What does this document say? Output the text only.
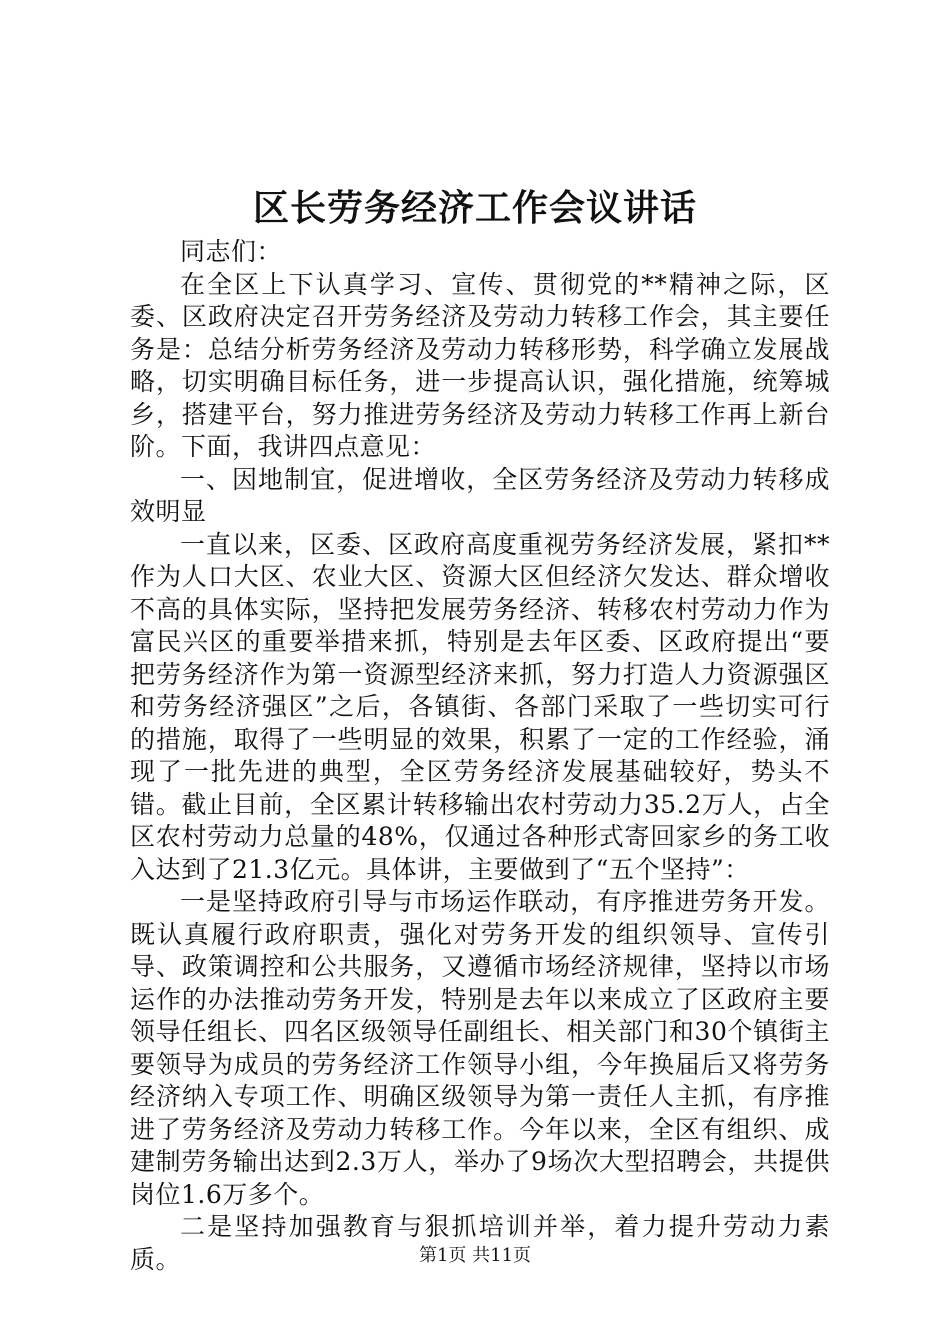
区长劳务经济工作会议讲话

同志们：

在全区上下认真学习、宣传、贯彻党的**精神之际，区委、区政府决定召开劳务经济及劳动力转移工作会，其主要任务是：总结分析劳务经济及劳动力转移形势，科学确立发展战略，切实明确目标任务，进一步提高认识，强化措施，统筹城乡，搭建平台，努力推进劳务经济及劳动力转移工作再上新台阶。下面，我讲四点意见：

一、因地制宜，促进增收，全区劳务经济及劳动力转移成效明显

一直以来，区委、区政府高度重视劳务经济发展，紧扣**作为人口大区、农业大区、资源大区但经济欠发达、群众增收不高的具体实际，坚持把发展劳务经济、转移农村劳动力作为富民兴区的重要举措来抓，特别是去年区委、区政府提出“要把劳务经济作为第一资源型经济来抓，努力打造人力资源强区和劳务经济强区”之后，各镇街、各部门采取了一些切实可行的措施，取得了一些明显的效果，积累了一定的工作经验，涌现了一批先进的典型，全区劳务经济发展基础较好，势头不错。截止目前，全区累计转移输出农村劳动力35.2万人，占全区农村劳动力总量的48%，仅通过各种形式寄回家乡的务工收入达到了21.3亿元。具体讲，主要做到了“五个坚持”：

一是坚持政府引导与市场运作联动，有序推进劳务开发。既认真履行政府职责，强化对劳务开发的组织领导、宣传引导、政策调控和公共服务，又遵循市场经济规律，坚持以市场运作的办法推动劳务开发，特别是去年以来成立了区政府主要领导任组长、四名区级领导任副组长、相关部门和30个镇街主要领导为成员的劳务经济工作领导小组，今年换届后又将劳务经济纳入专项工作、明确区级领导为第一责任人主抓，有序推进了劳务经济及劳动力转移工作。今年以来，全区有组织、成建制劳务输出达到2.3万人，举办了9场次大型招聘会，共提供岗位1.6万多个。

二是坚持加强教育与狠抓培训并举，着力提升劳动力素质。	第1页 共11页
